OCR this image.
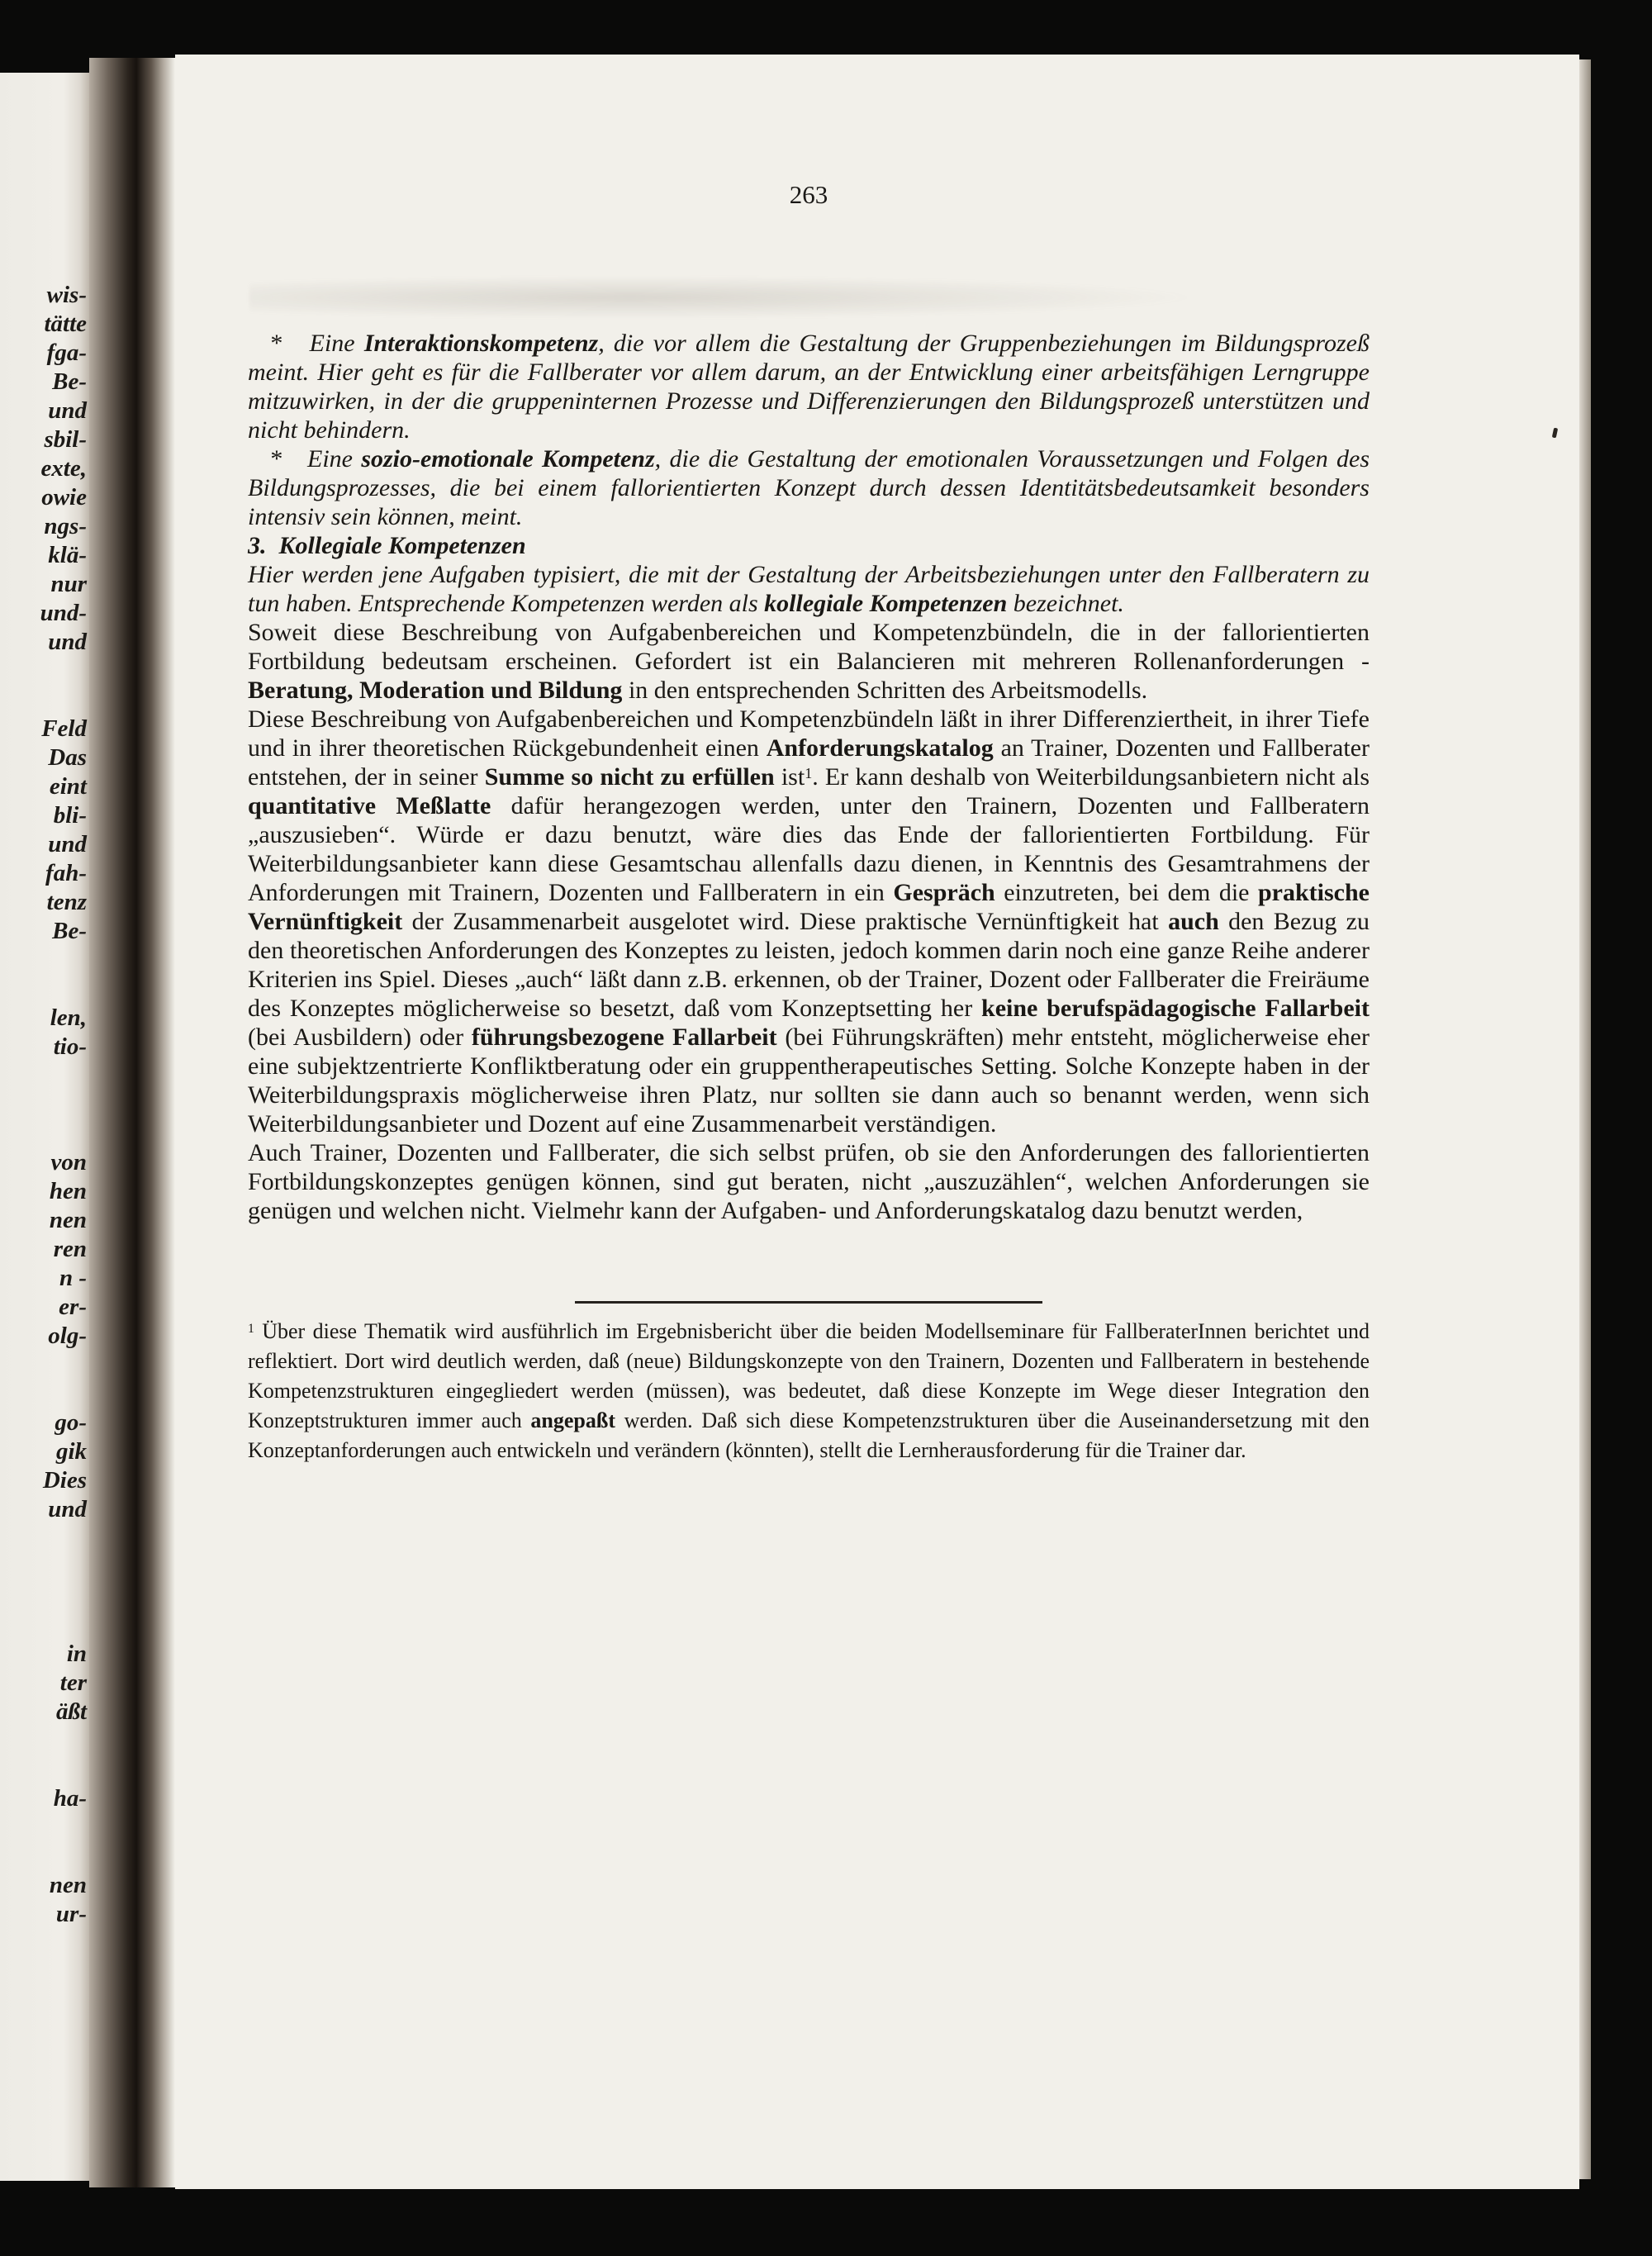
wis-
tätte
fga-
Be-
und
sbil-
exte,
owie
ngs-
klä-
nur
und-
und

Feld
Das
eint
bli-
und
fah-
tenz
Be-

len,
tio-

von
hen
nen
ren
n -
er-
olg-

go-
gik
Dies
und

in
ter
äßt

ha-

nen
ur-
263

*   Eine Interaktionskompetenz, die vor allem die Gestaltung der Gruppenbeziehungen im Bildungsprozeß meint. Hier geht es für die Fallberater vor allem darum, an der Entwicklung einer arbeitsfähigen Lerngruppe mitzuwirken, in der die gruppeninternen Prozesse und Differenzierungen den Bildungsprozeß unterstützen und nicht behindern.

*   Eine sozio-emotionale Kompetenz, die die Gestaltung der emotionalen Voraussetzungen und Folgen des Bildungsprozesses, die bei einem fallorientierten Konzept durch dessen Identitätsbedeutsamkeit besonders intensiv sein können, meint.

3.  Kollegiale Kompetenzen

Hier werden jene Aufgaben typisiert, die mit der Gestaltung der Arbeitsbeziehungen unter den Fallberatern zu tun haben. Entsprechende Kompetenzen werden als kollegiale Kompetenzen bezeichnet.

Soweit diese Beschreibung von Aufgabenbereichen und Kompetenzbündeln, die in der fallorientierten Fortbildung bedeutsam erscheinen. Gefordert ist ein Balancieren mit mehreren Rollenanforderungen - Beratung, Moderation und Bildung in den entsprechenden Schritten des Arbeitsmodells.

Diese Beschreibung von Aufgabenbereichen und Kompetenzbündeln läßt in ihrer Differenziertheit, in ihrer Tiefe und in ihrer theoretischen Rückgebundenheit einen Anforderungskatalog an Trainer, Dozenten und Fallberater entstehen, der in seiner Summe so nicht zu erfüllen ist$^1$. Er kann deshalb von Weiterbildungsanbietern nicht als quantitative Meßlatte dafür herangezogen werden, unter den Trainern, Dozenten und Fallberatern „auszusieben“. Würde er dazu benutzt, wäre dies das Ende der fallorientierten Fortbildung. Für Weiterbildungsanbieter kann diese Gesamtschau allenfalls dazu dienen, in Kenntnis des Gesamtrahmens der Anforderungen mit Trainern, Dozenten und Fallberatern in ein Gespräch einzutreten, bei dem die praktische Vernünftigkeit der Zusammenarbeit ausgelotet wird. Diese praktische Vernünftigkeit hat auch den Bezug zu den theoretischen Anforderungen des Konzeptes zu leisten, jedoch kommen darin noch eine ganze Reihe anderer Kriterien ins Spiel. Dieses „auch“ läßt dann z.B. erkennen, ob der Trainer, Dozent oder Fallberater die Freiräume des Konzeptes möglicherweise so besetzt, daß vom Konzeptsetting her keine berufspädagogische Fallarbeit (bei Ausbildern) oder führungsbezogene Fallarbeit (bei Führungskräften) mehr entsteht, möglicherweise eher eine subjektzentrierte Konfliktberatung oder ein gruppentherapeutisches Setting. Solche Konzepte haben in der Weiterbildungspraxis möglicherweise ihren Platz, nur sollten sie dann auch so benannt werden, wenn sich Weiterbildungsanbieter und Dozent auf eine Zusammenarbeit verständigen.

Auch Trainer, Dozenten und Fallberater, die sich selbst prüfen, ob sie den Anforderungen des fallorientierten Fortbildungskonzeptes genügen können, sind gut beraten, nicht „auszuzählen“, welchen Anforderungen sie genügen und welchen nicht. Vielmehr kann der Aufgaben- und Anforderungskatalog dazu benutzt werden,

$^1$ Über diese Thematik wird ausführlich im Ergebnisbericht über die beiden Modellseminare für FallberaterInnen berichtet und reflektiert. Dort wird deutlich werden, daß (neue) Bildungskonzepte von den Trainern, Dozenten und Fallberatern in bestehende Kompetenzstrukturen eingegliedert werden (müssen), was bedeutet, daß diese Konzepte im Wege dieser Integration den Konzeptstrukturen immer auch angepaßt werden. Daß sich diese Kompetenzstrukturen über die Auseinandersetzung mit den Konzeptanforderungen auch entwickeln und verändern (könnten), stellt die Lernherausforderung für die Trainer dar.
